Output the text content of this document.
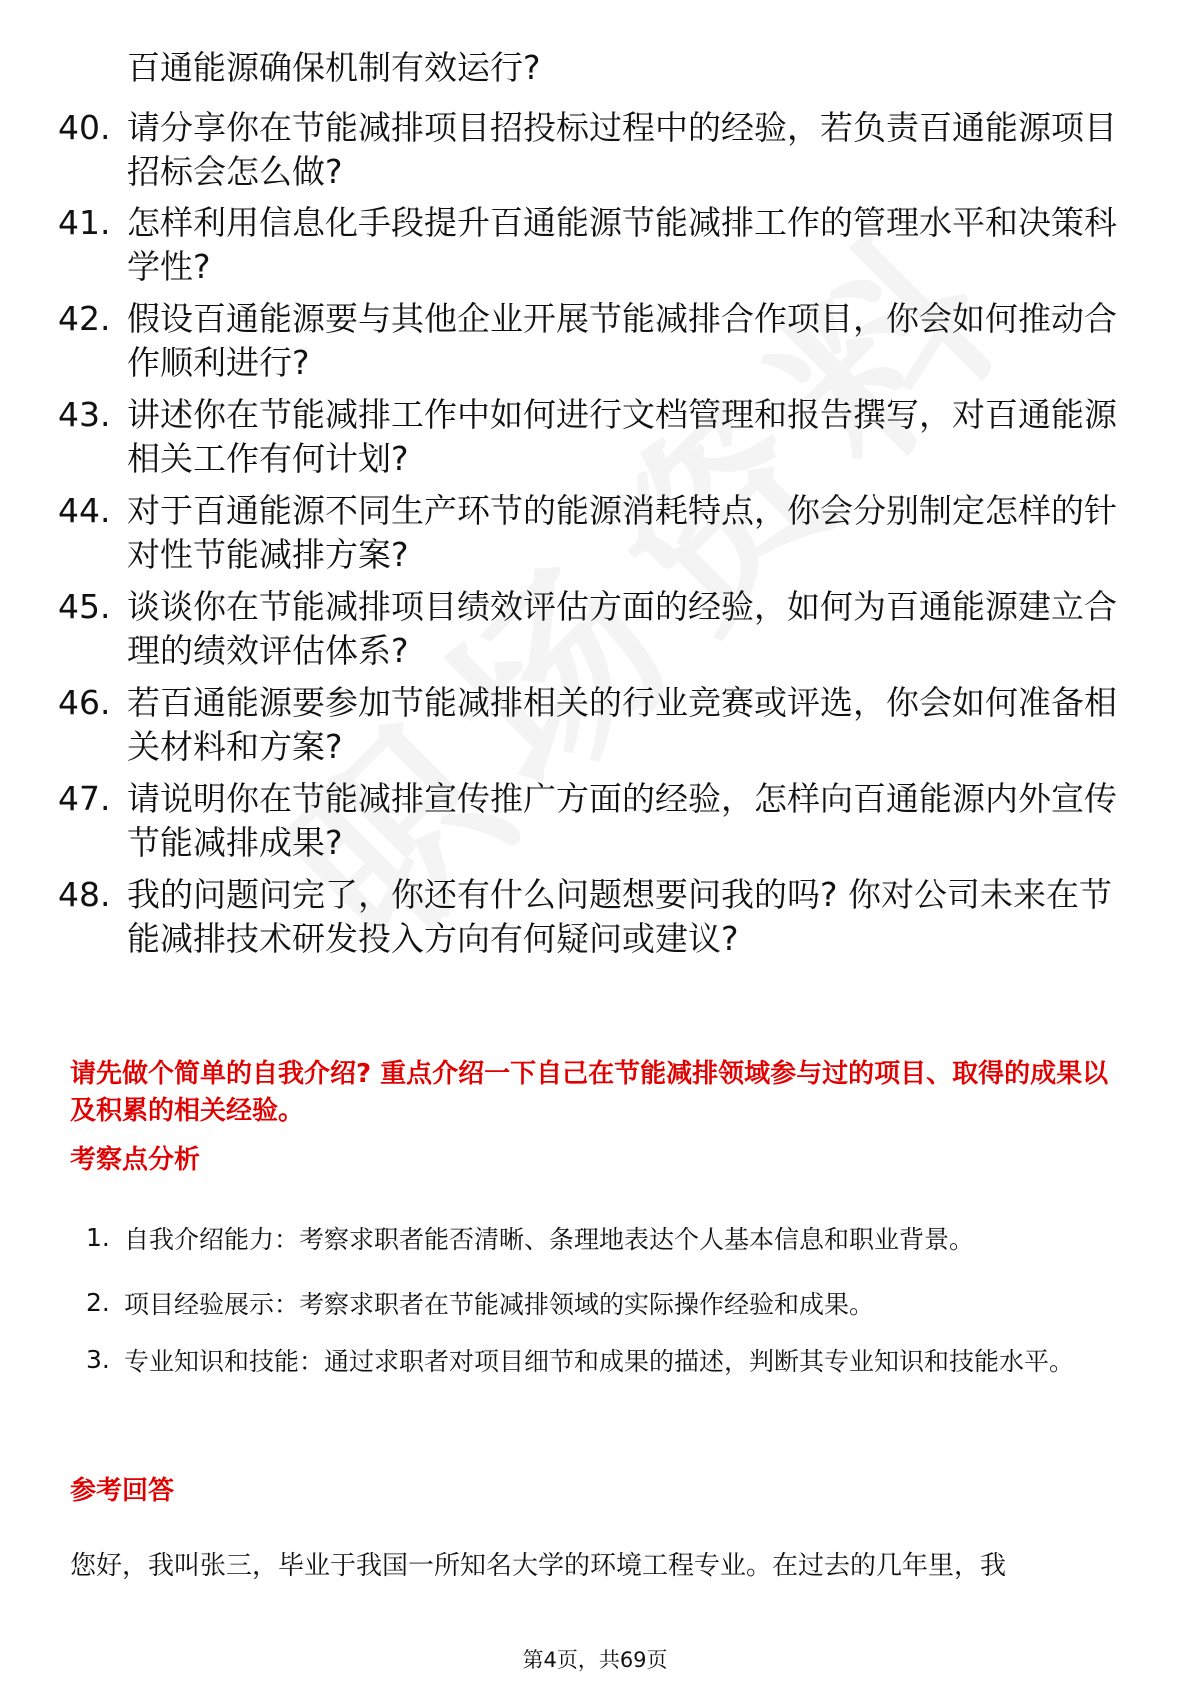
百通能源确保机制有效运行?
40. 请分享你在节能减排项目招投标过程中的经验，若负责百通能源项目招标会怎么做?
41. 怎样利用信息化手段提升百通能源节能减排工作的管理水平和决策科学性?
42. 假设百通能源要与其他企业开展节能减排合作项目，你会如何推动合作顺利进行?
43. 讲述你在节能减排工作中如何进行文档管理和报告撰写，对百通能源相关工作有何计划?
44. 对于百通能源不同生产环节的能源消耗特点，你会分别制定怎样的针对性节能减排方案?
45. 谈谈你在节能减排项目绩效评估方面的经验，如何为百通能源建立合理的绩效评估体系?
46. 若百通能源要参加节能减排相关的行业竞赛或评选，你会如何准备相关材料和方案?
47. 请说明你在节能减排宣传推广方面的经验，怎样向百通能源内外宣传节能减排成果?
48. 我的问题问完了，你还有什么问题想要问我的吗? 你对公司未来在节能减排技术研发投入方向有何疑问或建议?
请先做个简单的自我介绍? 重点介绍一下自己在节能减排领域参与过的项目、取得的成果以及积累的相关经验。
考察点分析
1. 自我介绍能力：考察求职者能否清晰、条理地表达个人基本信息和职业背景。
2. 项目经验展示：考察求职者在节能减排领域的实际操作经验和成果。
3. 专业知识和技能：通过求职者对项目细节和成果的描述，判断其专业知识和技能水平。
参考回答
您好，我叫张三，毕业于我国一所知名大学的环境工程专业。在过去的几年里，我
第4页，共69页
